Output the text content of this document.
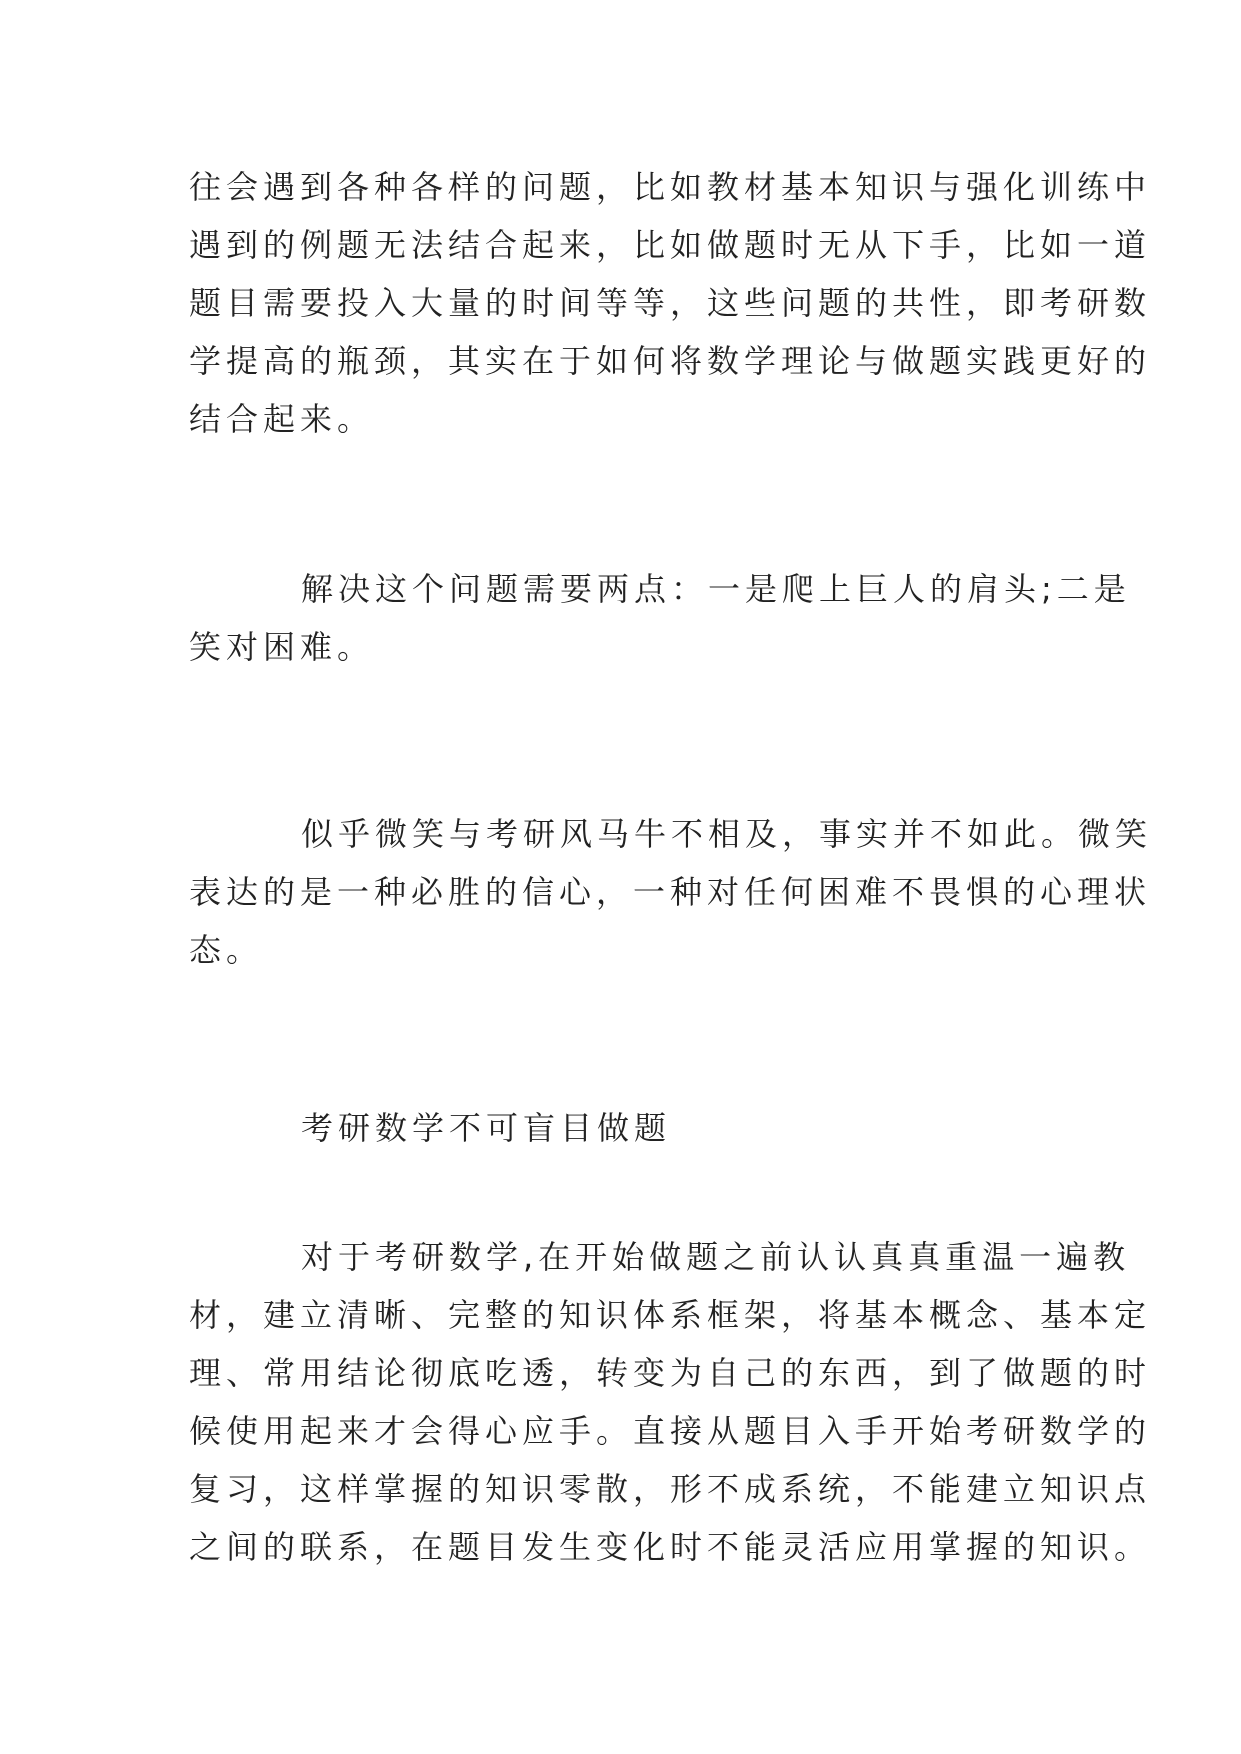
往会遇到各种各样的问题，比如教材基本知识与强化训练中
遇到的例题无法结合起来，比如做题时无从下手，比如一道
题目需要投入大量的时间等等，这些问题的共性，即考研数
学提高的瓶颈，其实在于如何将数学理论与做题实践更好的
结合起来。
解决这个问题需要两点：一是爬上巨人的肩头;二是
笑对困难。
似乎微笑与考研风马牛不相及，事实并不如此。微笑
表达的是一种必胜的信心，一种对任何困难不畏惧的心理状
态。
考研数学不可盲目做题
对于考研数学,在开始做题之前认认真真重温一遍教
材，建立清晰、完整的知识体系框架，将基本概念、基本定
理、常用结论彻底吃透，转变为自己的东西，到了做题的时
候使用起来才会得心应手。直接从题目入手开始考研数学的
复习，这样掌握的知识零散，形不成系统，不能建立知识点
之间的联系，在题目发生变化时不能灵活应用掌握的知识。
